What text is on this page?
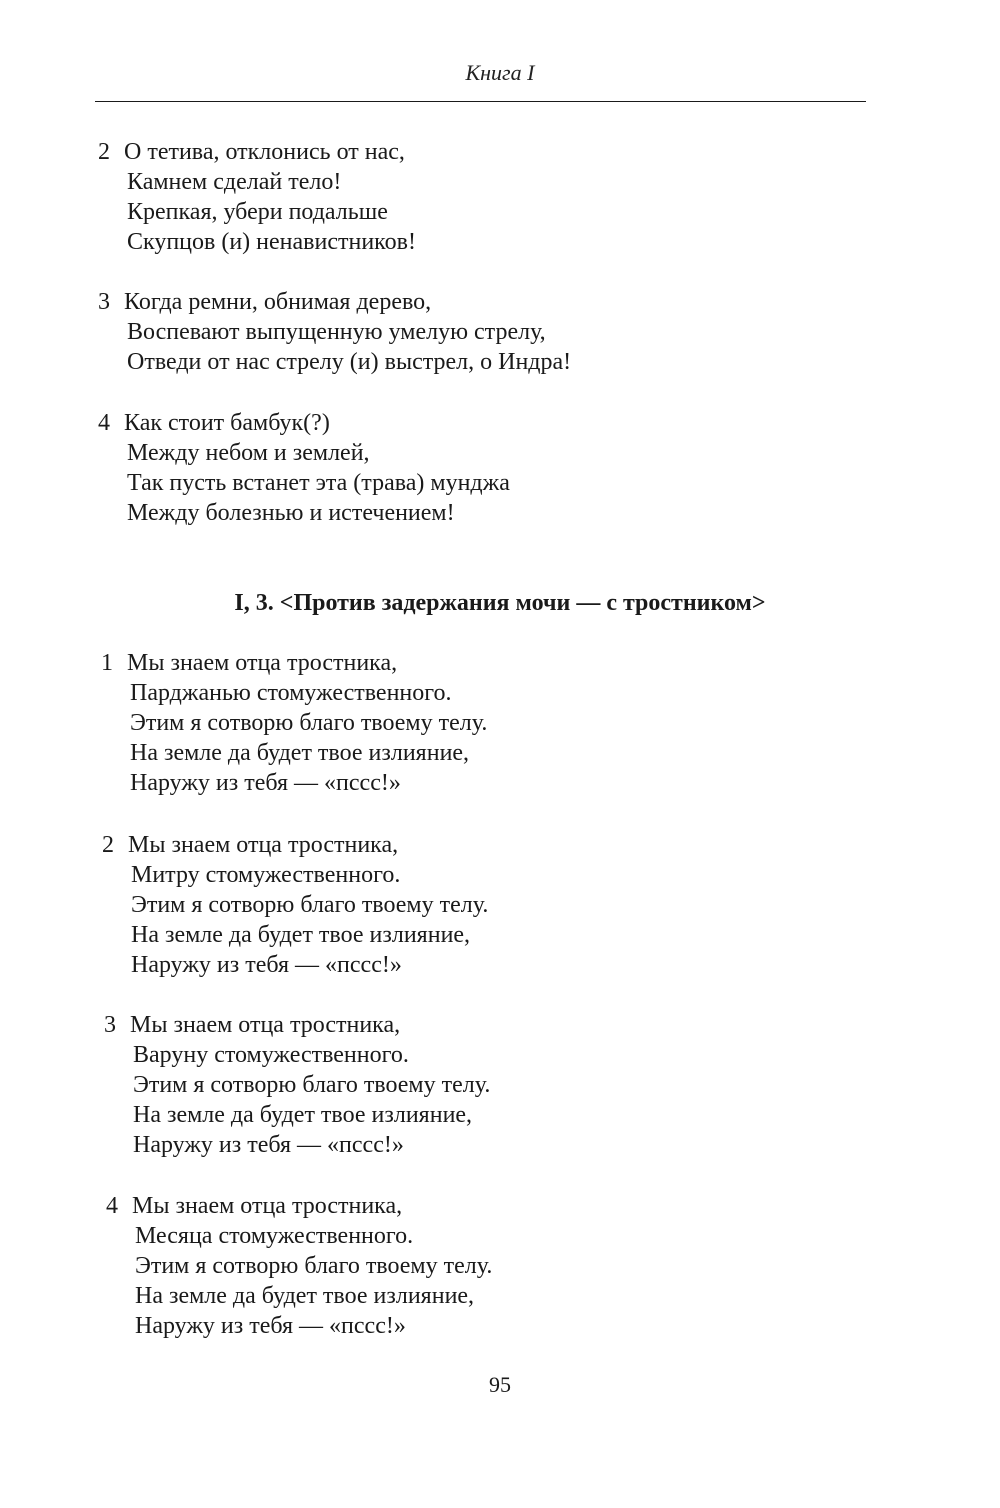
Книга I
2 О тетива, отклонись от нас,
Камнем сделай тело!
Крепкая, убери подальше
Скупцов (и) ненавистников!
3 Когда ремни, обнимая дерево,
Воспевают выпущенную умелую стрелу,
Отведи от нас стрелу (и) выстрел, о Индра!
4 Как стоит бамбук(?)
Между небом и землей,
Так пусть встанет эта (трава) мунджа
Между болезнью и истечением!
I, 3. <Против задержания мочи — с тростником>
1 Мы знаем отца тростника,
Парджанью стомужественного.
Этим я сотворю благо твоему телу.
На земле да будет твое излияние,
Наружу из тебя — «пссс!»
2 Мы знаем отца тростника,
Митру стомужественного.
Этим я сотворю благо твоему телу.
На земле да будет твое излияние,
Наружу из тебя — «пссс!»
3 Мы знаем отца тростника,
Варуну стомужественного.
Этим я сотворю благо твоему телу.
На земле да будет твое излияние,
Наружу из тебя — «пссс!»
4 Мы знаем отца тростника,
Месяца стомужественного.
Этим я сотворю благо твоему телу.
На земле да будет твое излияние,
Наружу из тебя — «пссс!»
95
